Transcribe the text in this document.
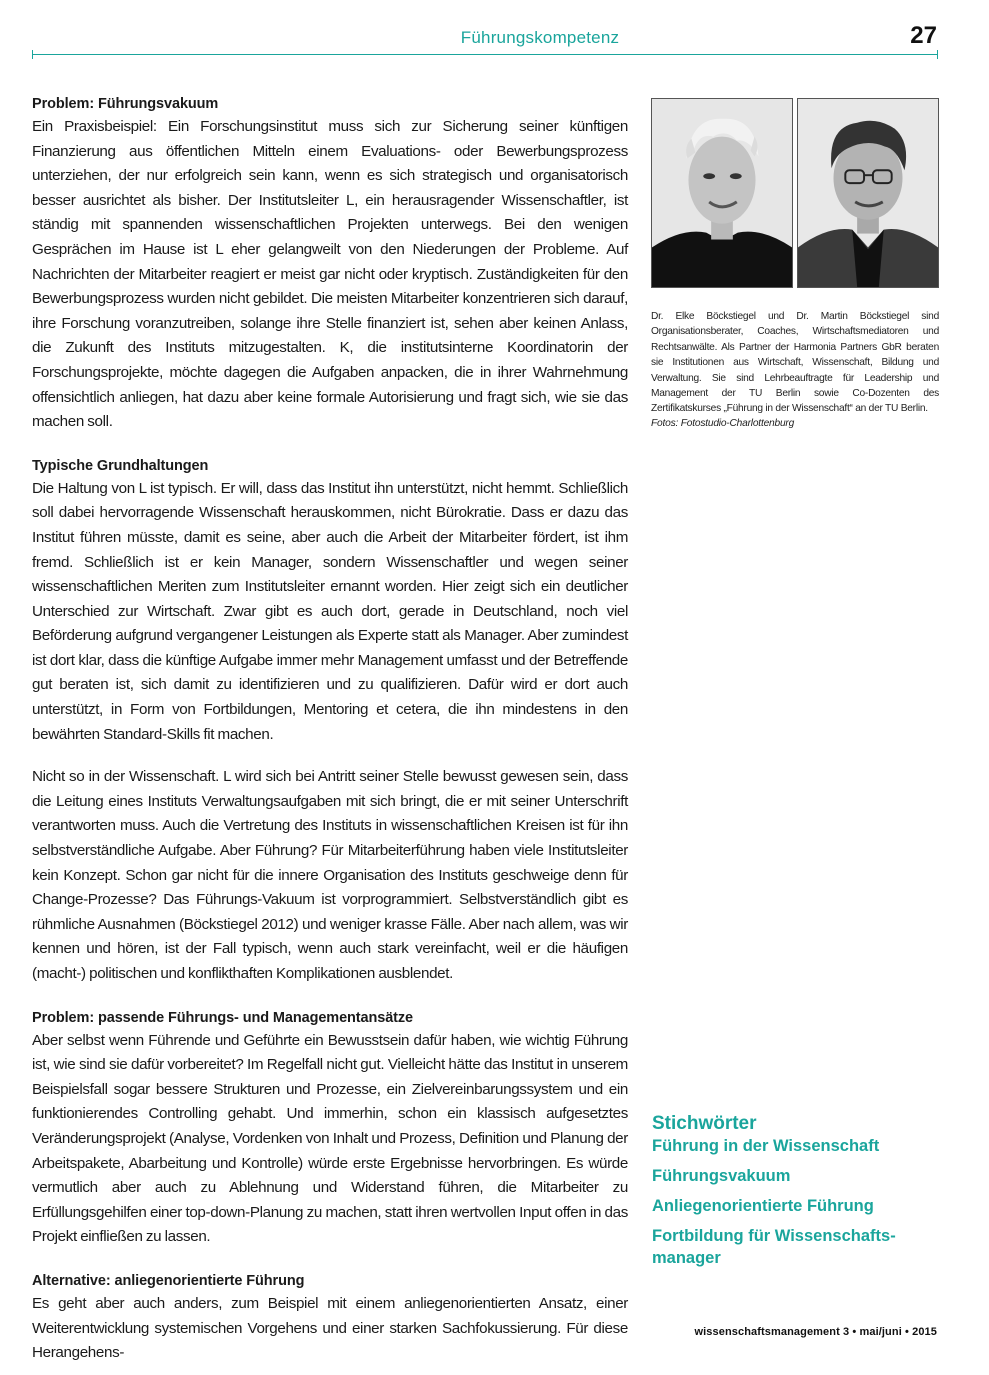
Führungskompetenz	27
Problem: Führungsvakuum

Ein Praxisbeispiel: Ein Forschungsinstitut muss sich zur Sicherung seiner künftigen Finanzierung aus öffentlichen Mitteln einem Evaluations- oder Bewerbungsprozess unterziehen, der nur erfolgreich sein kann, wenn es sich strategisch und organisatorisch besser ausrichtet als bisher. Der Institutsleiter L, ein herausragender Wissenschaftler, ist ständig mit spannenden wissenschaftlichen Projekten unterwegs. Bei den wenigen Gesprächen im Hause ist L eher gelangweilt von den Niederungen der Probleme. Auf Nachrichten der Mitarbeiter reagiert er meist gar nicht oder kryptisch. Zuständigkeiten für den Bewerbungsprozess wurden nicht gebildet. Die meisten Mitarbeiter konzentrieren sich darauf, ihre Forschung voranzutreiben, solange ihre Stelle finanziert ist, sehen aber keinen Anlass, die Zukunft des Instituts mitzugestalten. K, die institutsinterne Koordinatorin der Forschungsprojekte, möchte dagegen die Aufgaben anpacken, die in ihrer Wahrnehmung offensichtlich anliegen, hat dazu aber keine formale Autorisierung und fragt sich, wie sie das machen soll.

Typische Grundhaltungen

Die Haltung von L ist typisch. Er will, dass das Institut ihn unterstützt, nicht hemmt. Schließlich soll dabei hervorragende Wissenschaft herauskommen, nicht Bürokratie. Dass er dazu das Institut führen müsste, damit es seine, aber auch die Arbeit der Mitarbeiter fördert, ist ihm fremd. Schließlich ist er kein Manager, sondern Wissenschaftler und wegen seiner wissenschaftlichen Meriten zum Institutsleiter ernannt worden. Hier zeigt sich ein deutlicher Unterschied zur Wirtschaft. Zwar gibt es auch dort, gerade in Deutschland, noch viel Beförderung aufgrund vergangener Leistungen als Experte statt als Manager. Aber zumindest ist dort klar, dass die künftige Aufgabe immer mehr Management umfasst und der Betreffende gut beraten ist, sich damit zu identifizieren und zu qualifizieren. Dafür wird er dort auch unterstützt, in Form von Fortbildungen, Mentoring et cetera, die ihn mindestens in den bewährten Standard-Skills fit machen.

Nicht so in der Wissenschaft. L wird sich bei Antritt seiner Stelle bewusst gewesen sein, dass die Leitung eines Instituts Verwaltungsaufgaben mit sich bringt, die er mit seiner Unterschrift verantworten muss. Auch die Vertretung des Instituts in wissenschaftlichen Kreisen ist für ihn selbstverständliche Aufgabe. Aber Führung? Für Mitarbeiterführung haben viele Institutsleiter kein Konzept. Schon gar nicht für die innere Organisation des Instituts geschweige denn für Change-Prozesse? Das Führungs-Vakuum ist vorprogrammiert. Selbstverständlich gibt es rühmliche Ausnahmen (Böckstiegel 2012) und weniger krasse Fälle. Aber nach allem, was wir kennen und hören, ist der Fall typisch, wenn auch stark vereinfacht, weil er die häufigen (macht-) politischen und konflikthaften Komplikationen ausblendet.

Problem: passende Führungs- und Managementansätze

Aber selbst wenn Führende und Geführte ein Bewusstsein dafür haben, wie wichtig Führung ist, wie sind sie dafür vorbereitet? Im Regelfall nicht gut. Vielleicht hätte das Institut in unserem Beispielsfall sogar bessere Strukturen und Prozesse, ein Zielvereinbarungssystem und ein funktionierendes Controlling gehabt. Und immerhin, schon ein klassisch aufgesetztes Veränderungsprojekt (Analyse, Vordenken von Inhalt und Prozess, Definition und Planung der Arbeitspakete, Abarbeitung und Kontrolle) würde erste Ergebnisse hervorbringen. Es würde vermutlich aber auch zu Ablehnung und Widerstand führen, die Mitarbeiter zu Erfüllungsgehilfen einer top-down-Planung zu machen, statt ihren wertvollen Input offen in das Projekt einfließen zu lassen.

Alternative: anliegenorientierte Führung

Es geht aber auch anders, zum Beispiel mit einem anliegenorientierten Ansatz, einer Weiterentwicklung systemischen Vorgehens und einer starken Sachfokussierung. Für diese Herangehens-

Dr. Elke Böckstiegel und Dr. Martin Böckstiegel sind Organisationsberater, Coaches, Wirtschaftsmediatoren und Rechtsanwälte. Als Partner der Harmonia Partners GbR beraten sie Institutionen aus Wirtschaft, Wissenschaft, Bildung und Verwaltung. Sie sind Lehrbeauftragte für Leadership und Management der TU Berlin sowie Co-Dozenten des Zertifikatskurses „Führung in der Wissenschaft“ an der TU Berlin.
Fotos: Fotostudio-Charlottenburg
Stichwörter
Führung in der Wissenschaft
Führungsvakuum
Anliegenorientierte Führung
Fortbildung für Wissenschafts-manager
wissenschaftsmanagement 3 • mai/juni • 2015
